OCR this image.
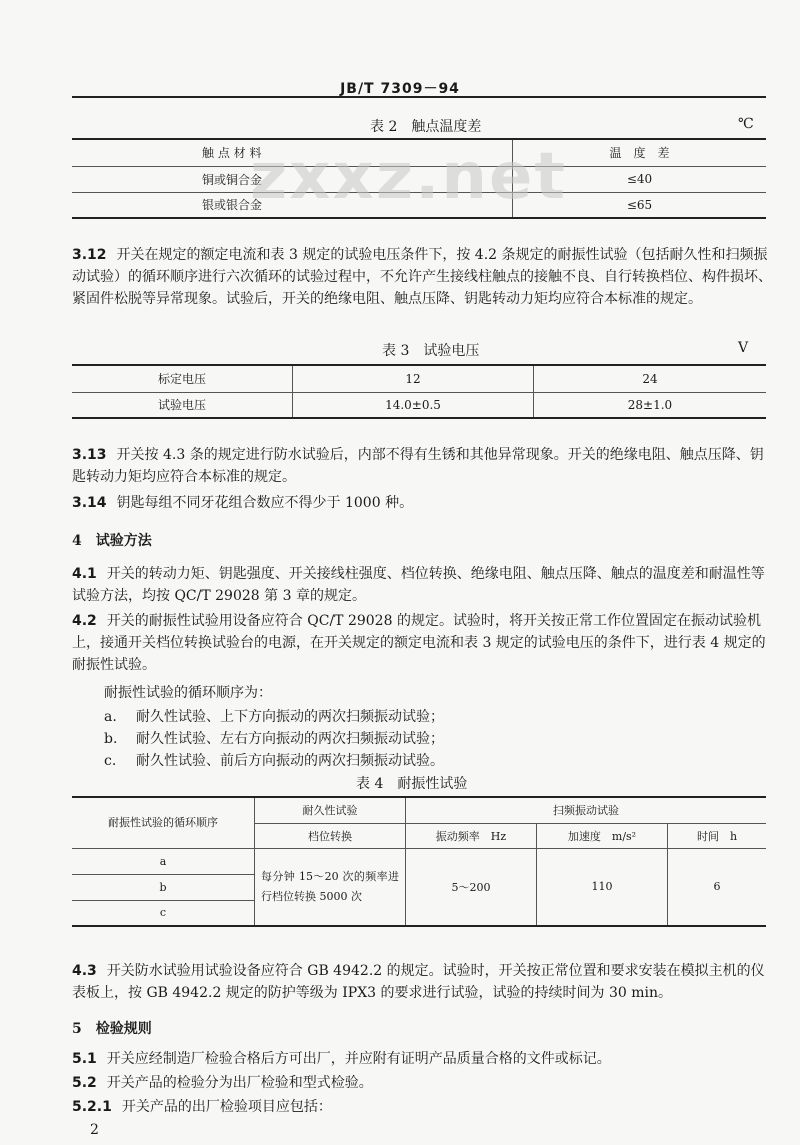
JB/T 7309－94
表 2　触点温度差	℃
触 点 材 料	温　度　差
铜或铜合金	≤40
银或银合金	≤65
zxxz.net
3.12 开关在规定的额定电流和表 3 规定的试验电压条件下，按 4.2 条规定的耐振性试验（包括耐久性和扫频振动试验）的循环顺序进行六次循环的试验过程中，不允许产生接线柱触点的接触不良、自行转换档位、构件损坏、紧固件松脱等异常现象。试验后，开关的绝缘电阻、触点压降、钥匙转动力矩均应符合本标准的规定。
表 3　试验电压	V
标定电压	12	24
试验电压	14.0±0.5	28±1.0
3.13 开关按 4.3 条的规定进行防水试验后，内部不得有生锈和其他异常现象。开关的绝缘电阻、触点压降、钥匙转动力矩均应符合本标准的规定。
3.14 钥匙每组不同牙花组合数应不得少于 1000 种。
4　试验方法
4.1 开关的转动力矩、钥匙强度、开关接线柱强度、档位转换、绝缘电阻、触点压降、触点的温度差和耐温性等试验方法，均按 QC/T 29028 第 3 章的规定。
4.2 开关的耐振性试验用设备应符合 QC/T 29028 的规定。试验时，将开关按正常工作位置固定在振动试验机上，接通开关档位转换试验台的电源，在开关规定的额定电流和表 3 规定的试验电压的条件下，进行表 4 规定的耐振性试验。
耐振性试验的循环顺序为：
a. 耐久性试验、上下方向振动的两次扫频振动试验；
b. 耐久性试验、左右方向振动的两次扫频振动试验；
c. 耐久性试验、前后方向振动的两次扫频振动试验。
表 4　耐振性试验
耐振性试验的循环顺序	耐久性试验	扫频振动试验		
	档位转换	振动频率　Hz	加速度　m/s²	时间　h
a	每分钟 15～20 次的频率进行档位转换 5000 次	5～200	110	6
b				
c				
4.3 开关防水试验用试验设备应符合 GB 4942.2 的规定。试验时，开关按正常位置和要求安装在模拟主机的仪表板上，按 GB 4942.2 规定的防护等级为 IPX3 的要求进行试验，试验的持续时间为 30 min。
5　检验规则
5.1 开关应经制造厂检验合格后方可出厂，并应附有证明产品质量合格的文件或标记。
5.2 开关产品的检验分为出厂检验和型式检验。
5.2.1 开关产品的出厂检验项目应包括：
2
